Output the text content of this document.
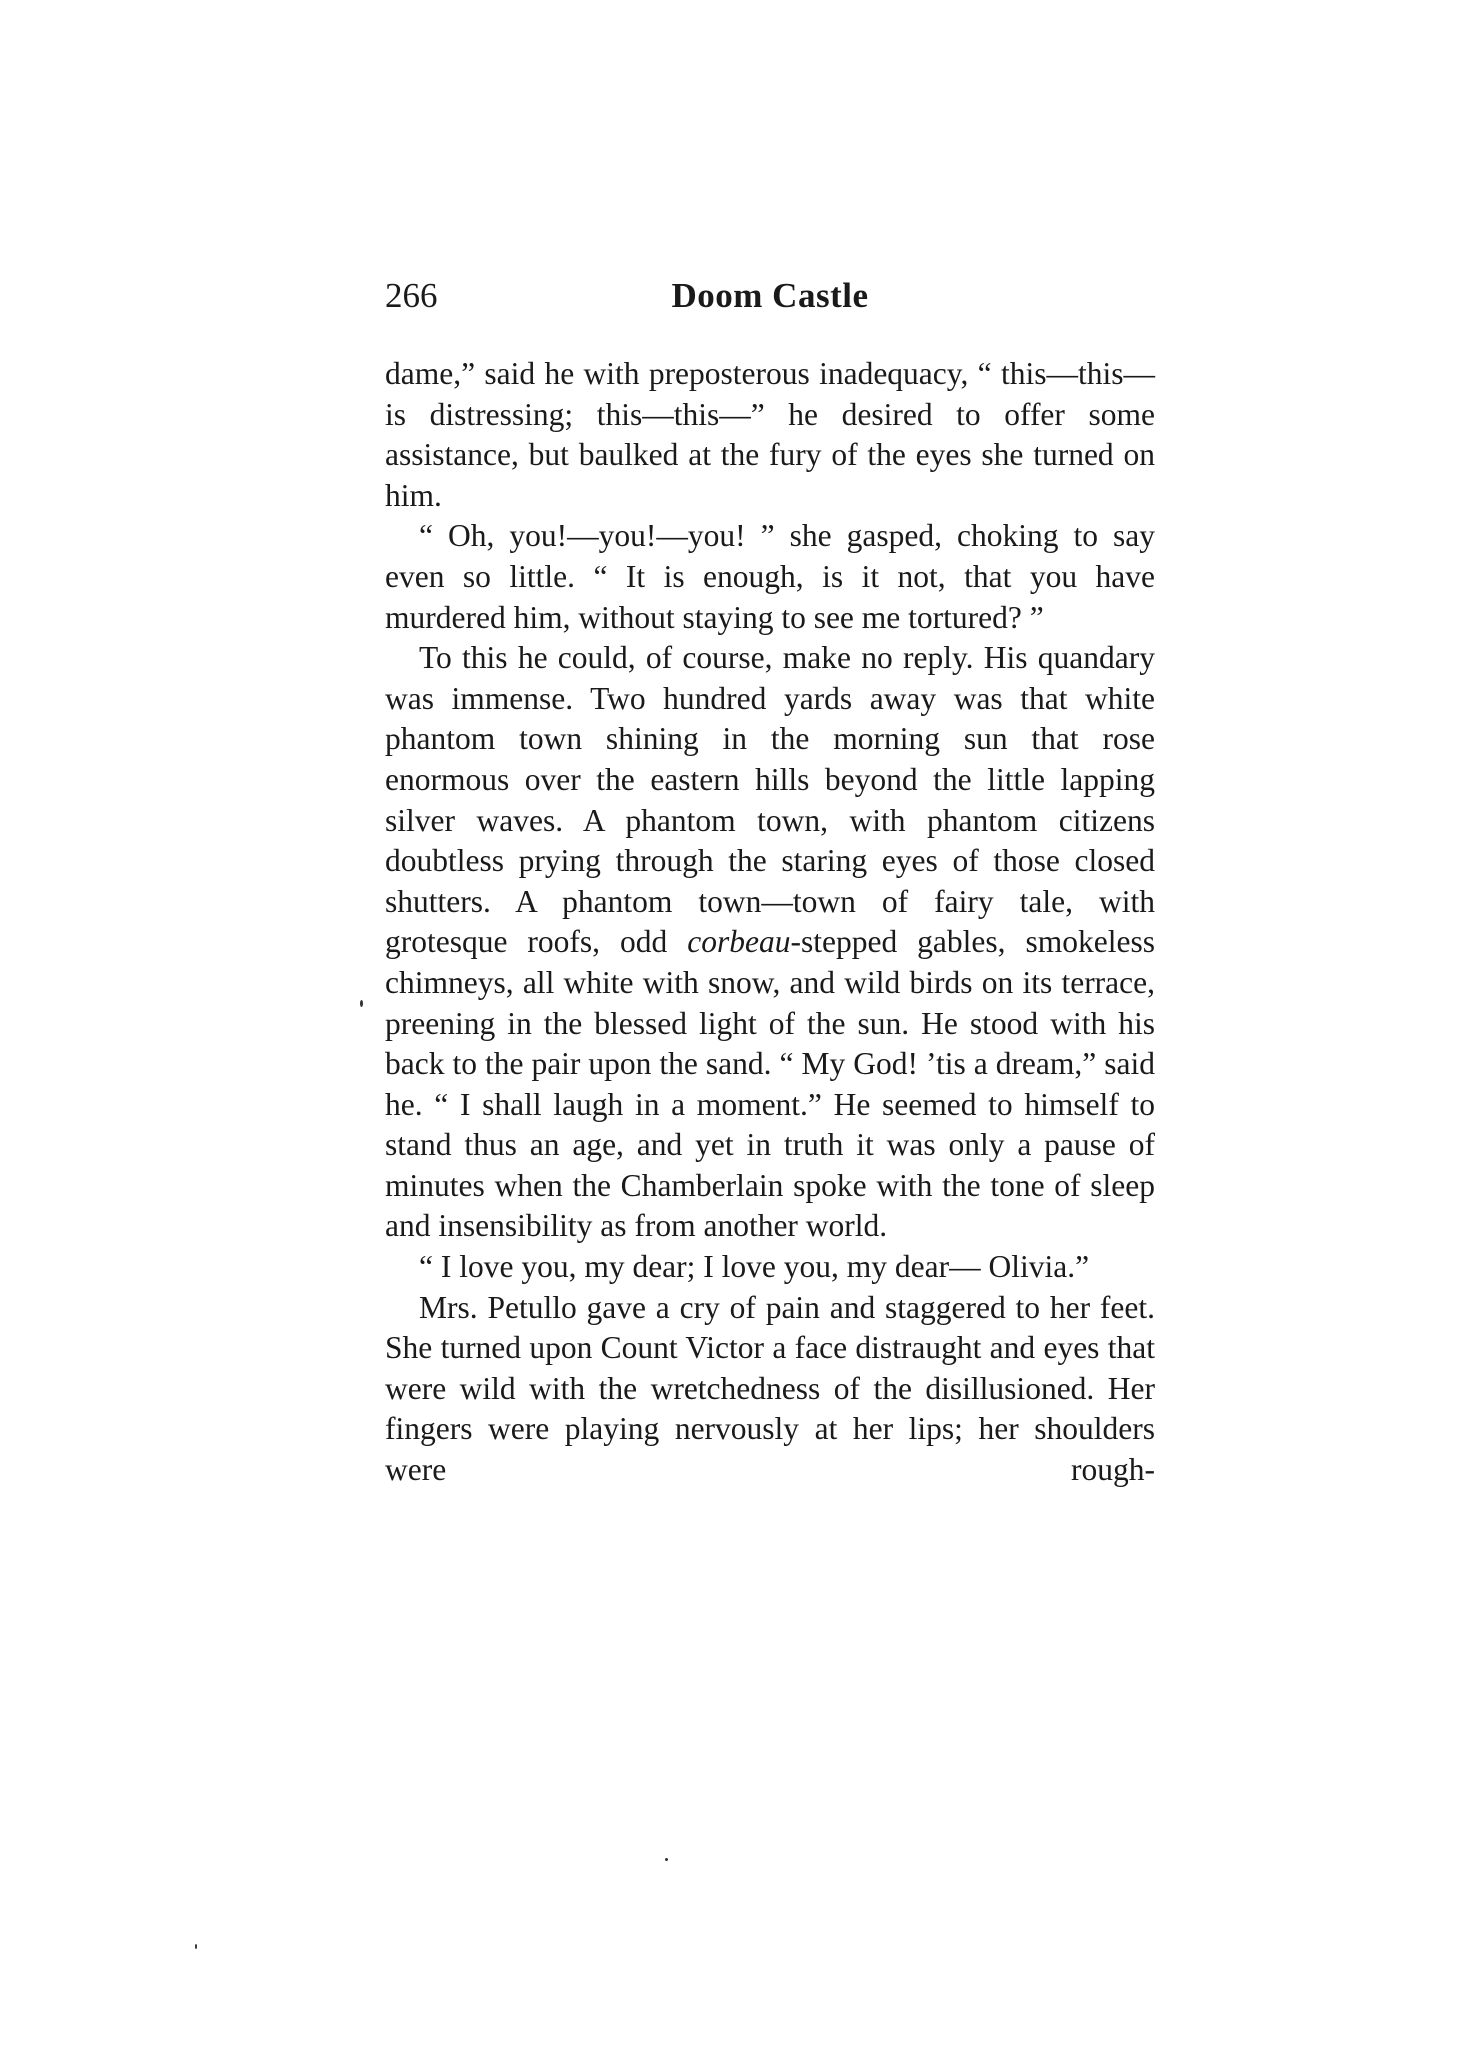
266	Doom Castle

dame,” said he with preposterous inadequacy, “ this—this—is distressing; this—this—” he desired to offer some assistance, but baulked at the fury of the eyes she turned on him.

“ Oh, you!—you!—you! ” she gasped, choking to say even so little. “ It is enough, is it not, that you have murdered him, without staying to see me tortured? ”

To this he could, of course, make no reply. His quandary was immense. Two hundred yards away was that white phantom town shining in the morning sun that rose enormous over the eastern hills beyond the little lapping silver waves. A phantom town, with phantom citizens doubtless prying through the staring eyes of those closed shutters. A phantom town—town of fairy tale, with grotesque roofs, odd corbeau-stepped gables, smokeless chimneys, all white with snow, and wild birds on its terrace, preening in the blessed light of the sun. He stood with his back to the pair upon the sand. “ My God! ’tis a dream,” said he. “ I shall laugh in a moment.” He seemed to himself to stand thus an age, and yet in truth it was only a pause of minutes when the Chamberlain spoke with the tone of sleep and insensibility as from another world.

“ I love you, my dear; I love you, my dear— Olivia.”

Mrs. Petullo gave a cry of pain and staggered to her feet. She turned upon Count Victor a face distraught and eyes that were wild with the wretchedness of the disillusioned. Her fingers were playing nervously at her lips; her shoulders were rough-
